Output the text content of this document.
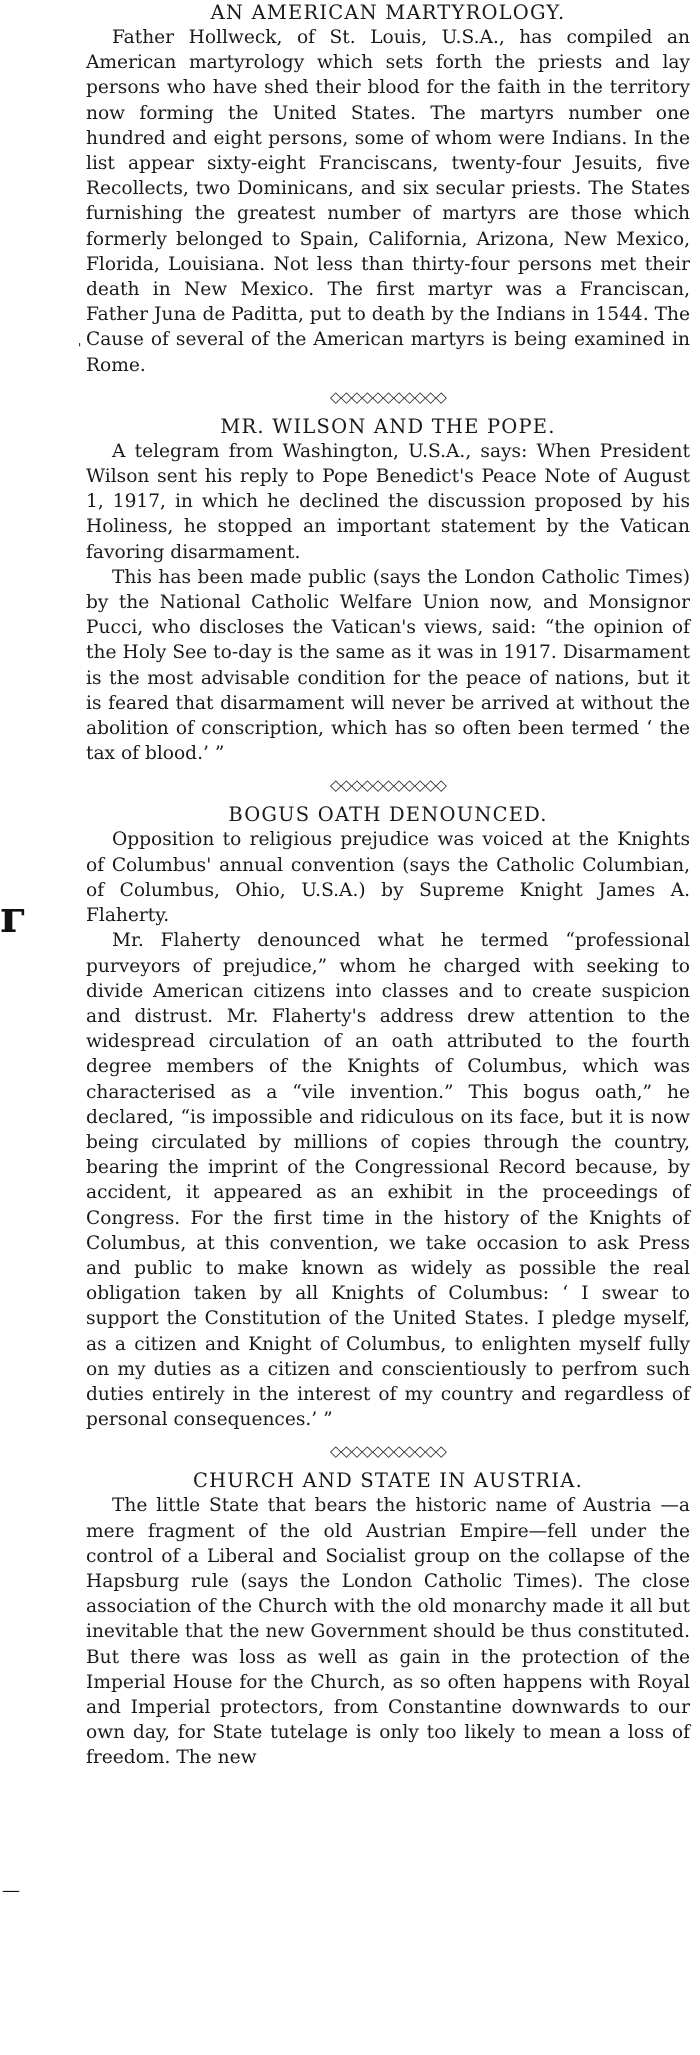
'
г
—
AN AMERICAN MARTYROLOGY.

Father Hollweck, of St. Louis, U.S.A., has compiled an American martyrology which sets forth the priests and lay persons who have shed their blood for the faith in the territory now forming the United States. The martyrs number one hundred and eight persons, some of whom were Indians. In the list appear sixty-eight Franciscans, twenty-four Jesuits, five Recollects, two Dominicans, and six secular priests. The States furnishing the greatest number of martyrs are those which formerly belonged to Spain, California, Arizona, New Mexico, Florida, Louisiana. Not less than thirty-four persons met their death in New Mexico. The first martyr was a Franciscan, Father Juna de Paditta, put to death by the Indians in 1544. The Cause of several of the American martyrs is being examined in Rome.

◇◇◇◇◇◇◇◇◇◇◇
MR. WILSON AND THE POPE.

A telegram from Washington, U.S.A., says: When President Wilson sent his reply to Pope Benedict's Peace Note of August 1, 1917, in which he declined the discussion proposed by his Holiness, he stopped an important statement by the Vatican favoring disarmament.

This has been made public (says the London Catholic Times) by the National Catholic Welfare Union now, and Monsignor Pucci, who discloses the Vatican's views, said: “the opinion of the Holy See to-day is the same as it was in 1917. Disarmament is the most advisable condition for the peace of nations, but it is feared that disarmament will never be arrived at without the abolition of conscription, which has so often been termed ‘ the tax of blood.’ ”

◇◇◇◇◇◇◇◇◇◇◇
BOGUS OATH DENOUNCED.

Opposition to religious prejudice was voiced at the Knights of Columbus' annual convention (says the Catholic Columbian, of Columbus, Ohio, U.S.A.) by Supreme Knight James A. Flaherty.

Mr. Flaherty denounced what he termed “professional purveyors of prejudice,” whom he charged with seeking to divide American citizens into classes and to create suspicion and distrust. Mr. Flaherty's address drew attention to the widespread circulation of an oath attributed to the fourth degree members of the Knights of Columbus, which was characterised as a “vile invention.” This bogus oath,” he declared, “is impossible and ridiculous on its face, but it is now being circulated by millions of copies through the country, bearing the imprint of the Congressional Record because, by accident, it appeared as an exhibit in the proceedings of Congress. For the first time in the history of the Knights of Columbus, at this convention, we take occasion to ask Press and public to make known as widely as possible the real obligation taken by all Knights of Columbus: ‘ I swear to support the Constitution of the United States. I pledge myself, as a citizen and Knight of Columbus, to enlighten myself fully on my duties as a citizen and conscientiously to perfrom such duties entirely in the interest of my country and regardless of personal consequences.’ ”

◇◇◇◇◇◇◇◇◇◇◇
CHURCH AND STATE IN AUSTRIA.

The little State that bears the historic name of Austria —a mere fragment of the old Austrian Empire—fell under the control of a Liberal and Socialist group on the collapse of the Hapsburg rule (says the London Catholic Times). The close association of the Church with the old monarchy made it all but inevitable that the new Government should be thus constituted. But there was loss as well as gain in the protection of the Imperial House for the Church, as so often happens with Royal and Imperial protectors, from Constantine downwards to our own day, for State tutelage is only too likely to mean a loss of freedom. The new
